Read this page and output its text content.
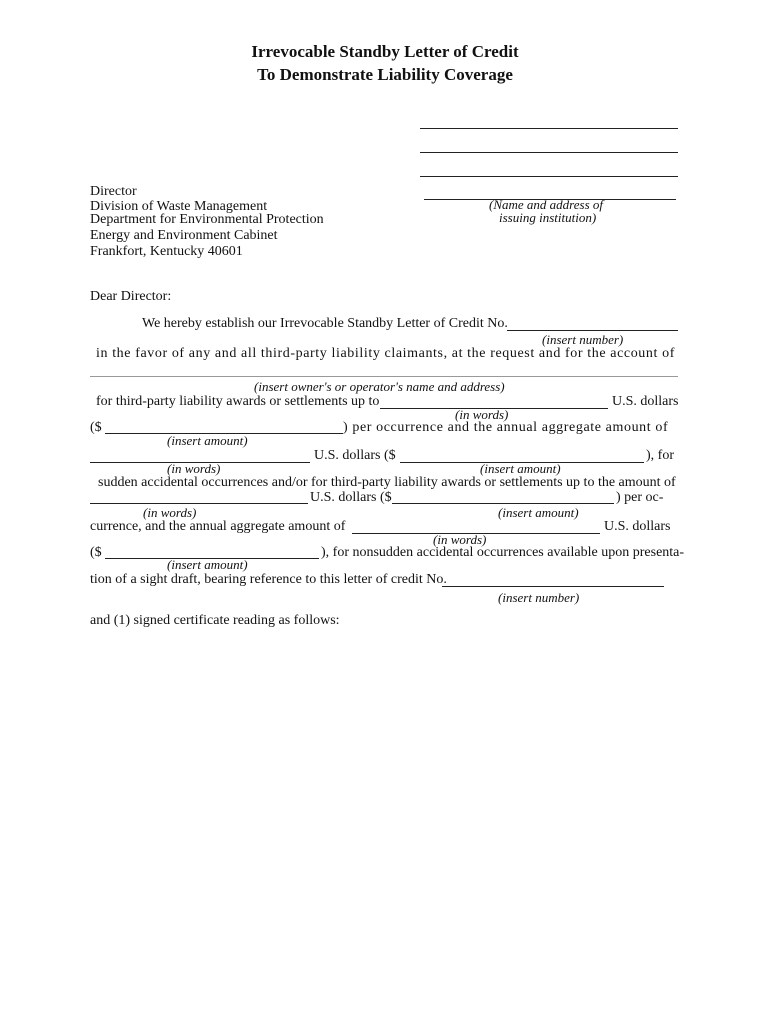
Irrevocable Standby Letter of Credit
To Demonstrate Liability Coverage
(Name and address of
issuing institution)
Director
Division of Waste Management
Department for Environmental Protection
Energy and Environment Cabinet
Frankfort, Kentucky 40601
Dear Director:
We hereby establish our Irrevocable Standby Letter of Credit No.
(insert number)
in the favor of any and all third-party liability claimants, at the request and for the account of
(insert owner's or operator's name and address)
for third-party liability awards or settlements up to	U.S. dollars
(in words)
($	) per occurrence and the annual aggregate amount of
(insert amount)
U.S. dollars ($	), for
(in words)	(insert amount)
sudden accidental occurrences and/or for third-party liability awards or settlements up to the amount of
U.S. dollars ($	) per oc-
(in words)	(insert amount)
currence, and the annual aggregate amount of	U.S. dollars
(in words)
($	), for nonsudden accidental occurrences available upon presenta-
(insert amount)
tion of a sight draft, bearing reference to this letter of credit No.
(insert number)
and (1) signed certificate reading as follows:
